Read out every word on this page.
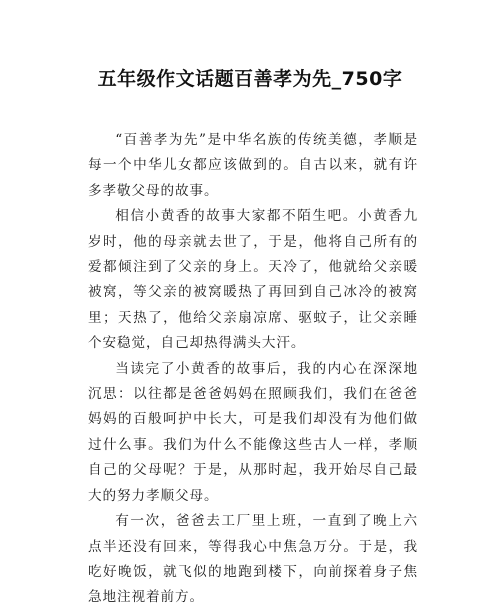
五年级作文话题百善孝为先_750字

“百善孝为先”是中华名族的传统美德，孝顺是每一个中华儿女都应该做到的。自古以来，就有许多孝敬父母的故事。

相信小黄香的故事大家都不陌生吧。小黄香九岁时，他的母亲就去世了，于是，他将自己所有的爱都倾注到了父亲的身上。天冷了，他就给父亲暖被窝，等父亲的被窝暖热了再回到自己冰冷的被窝里；天热了，他给父亲扇凉席、驱蚊子，让父亲睡个安稳觉，自己却热得满头大汗。

当读完了小黄香的故事后，我的内心在深深地沉思：以往都是爸爸妈妈在照顾我们，我们在爸爸妈妈的百般呵护中长大，可是我们却没有为他们做过什么事。我们为什么不能像这些古人一样，孝顺自己的父母呢？于是，从那时起，我开始尽自己最大的努力孝顺父母。

有一次，爸爸去工厂里上班，一直到了晚上六点半还没有回来，等得我心中焦急万分。于是，我吃好晚饭，就飞似的地跑到楼下，向前探着身子焦急地注视着前方。
